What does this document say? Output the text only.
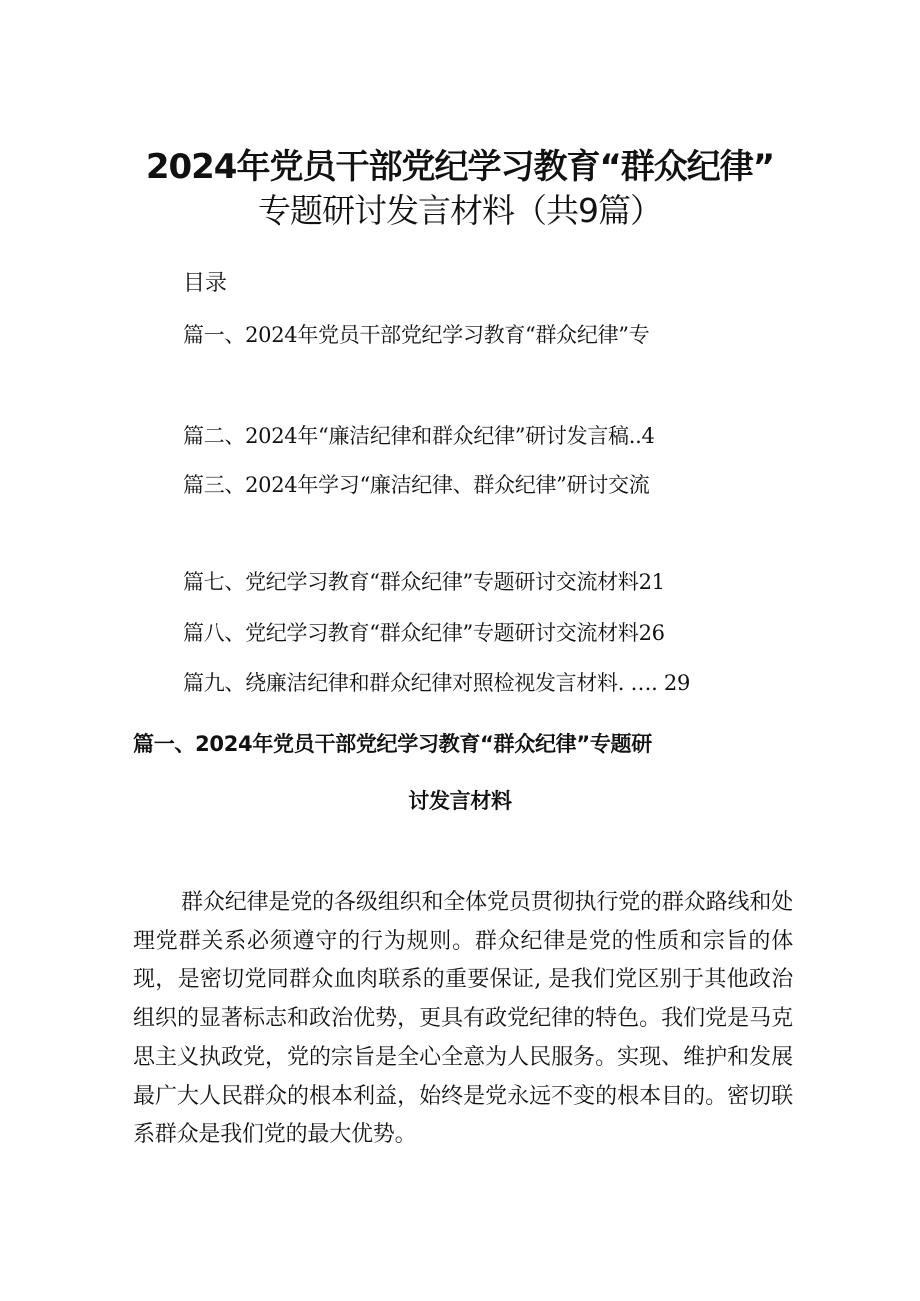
2024年党员干部党纪学习教育“群众纪律”
专题研讨发言材料（共9篇）
目录
篇一、2024年党员干部党纪学习教育“群众纪律”专
篇二、2024年“廉洁纪律和群众纪律”研讨发言稿..4
篇三、2024年学习“廉洁纪律、群众纪律”研讨交流
篇七、党纪学习教育“群众纪律”专题研讨交流材料21
篇八、党纪学习教育“群众纪律”专题研讨交流材料26
篇九、绕廉洁纪律和群众纪律对照检视发言材料. …. 29
篇一、2024年党员干部党纪学习教育“群众纪律”专题研
讨发言材料

群众纪律是党的各级组织和全体党员贯彻执行党的群众路线和处理党群关系必须遵守的行为规则。群众纪律是党的性质和宗旨的体现，是密切党同群众血肉联系的重要保证, 是我们党区别于其他政治组织的显著标志和政治优势，更具有政党纪律的特色。我们党是马克思主义执政党，党的宗旨是全心全意为人民服务。实现、维护和发展最广大人民群众的根本利益，始终是党永远不变的根本目的。密切联系群众是我们党的最大优势。
